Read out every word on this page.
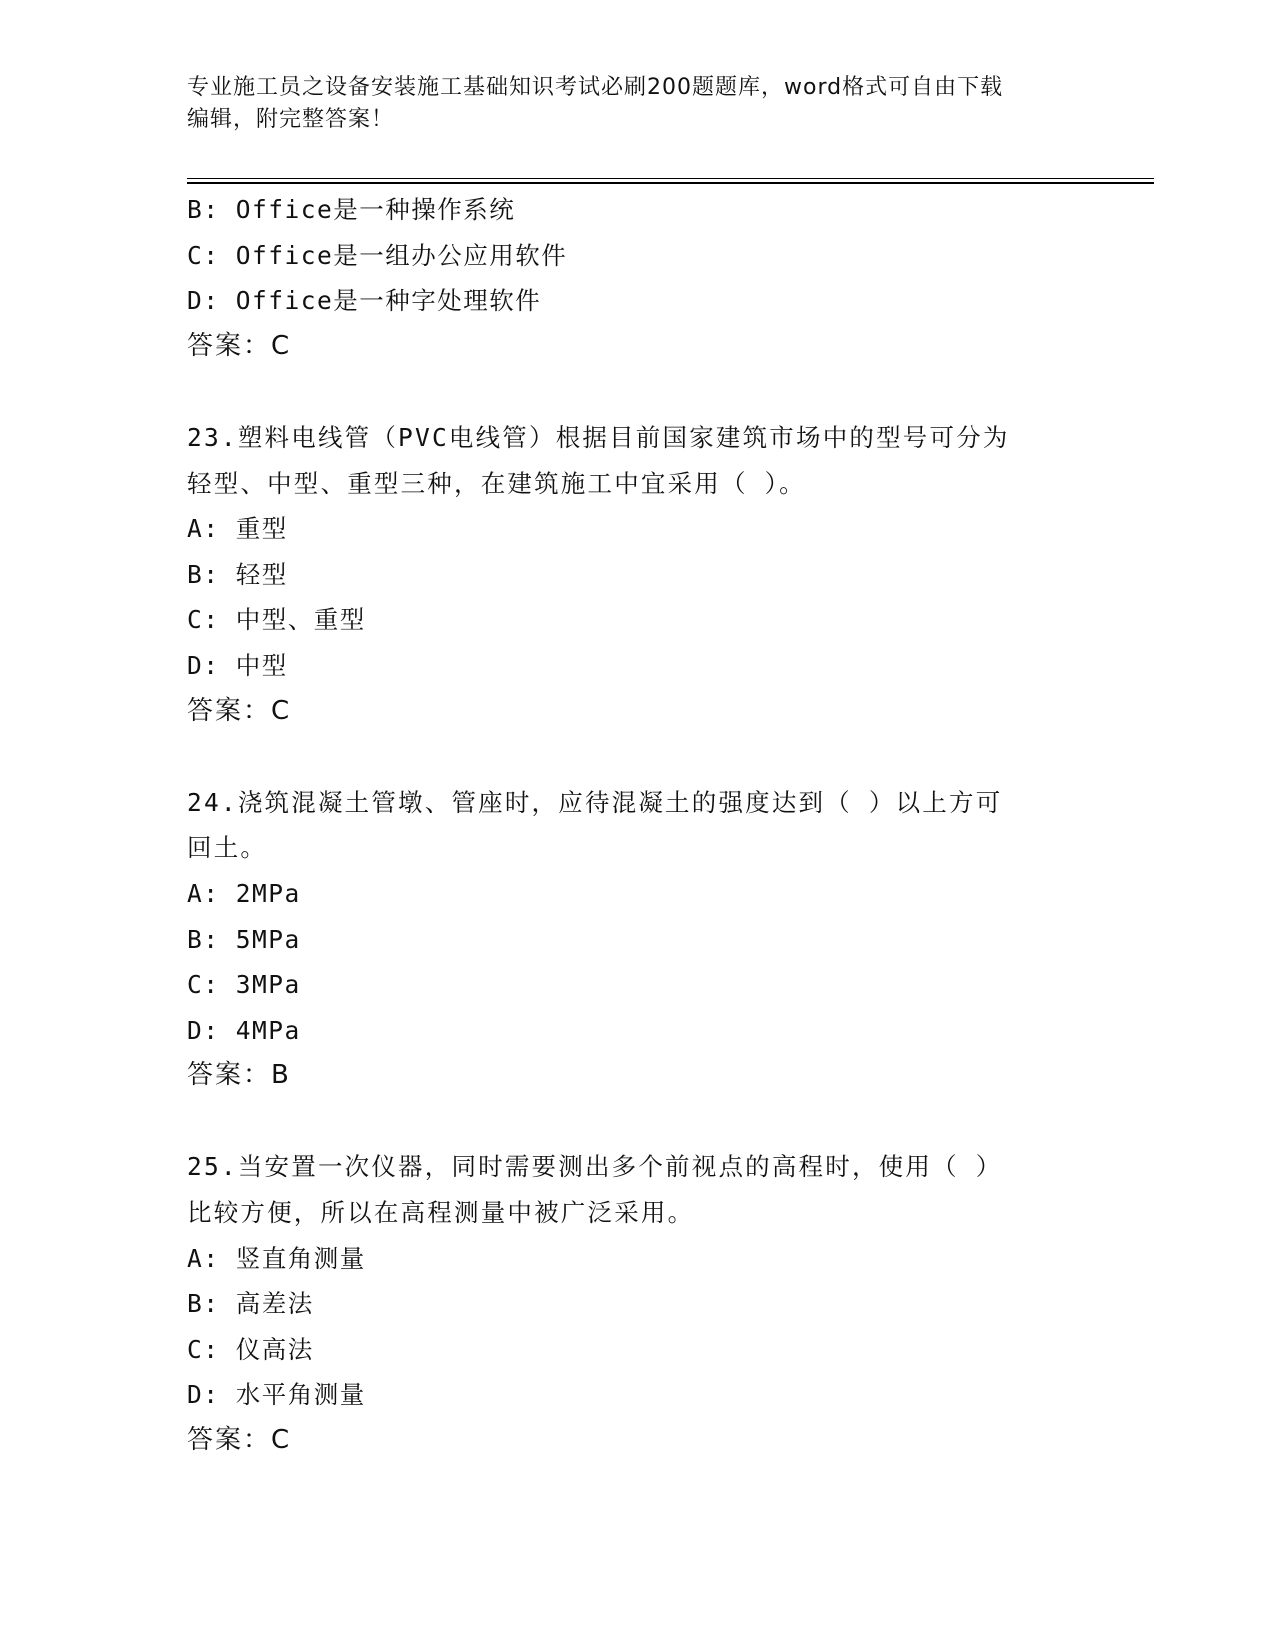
专业施工员之设备安装施工基础知识考试必刷200题题库，word格式可自由下载
编辑，附完整答案！
B: Office是一种操作系统
C: Office是一组办公应用软件
D: Office是一种字处理软件
答案：C
23.塑料电线管（PVC电线管）根据目前国家建筑市场中的型号可分为
轻型、中型、重型三种，在建筑施工中宜采用（ ）。
A: 重型
B: 轻型
C: 中型、重型
D: 中型
答案：C
24.浇筑混凝土管墩、管座时，应待混凝土的强度达到（ ）以上方可
回土。
A: 2MPa
B: 5MPa
C: 3MPa
D: 4MPa
答案：B
25.当安置一次仪器，同时需要测出多个前视点的高程时，使用（ ）
比较方便，所以在高程测量中被广泛采用。
A: 竖直角测量
B: 高差法
C: 仪高法
D: 水平角测量
答案：C
